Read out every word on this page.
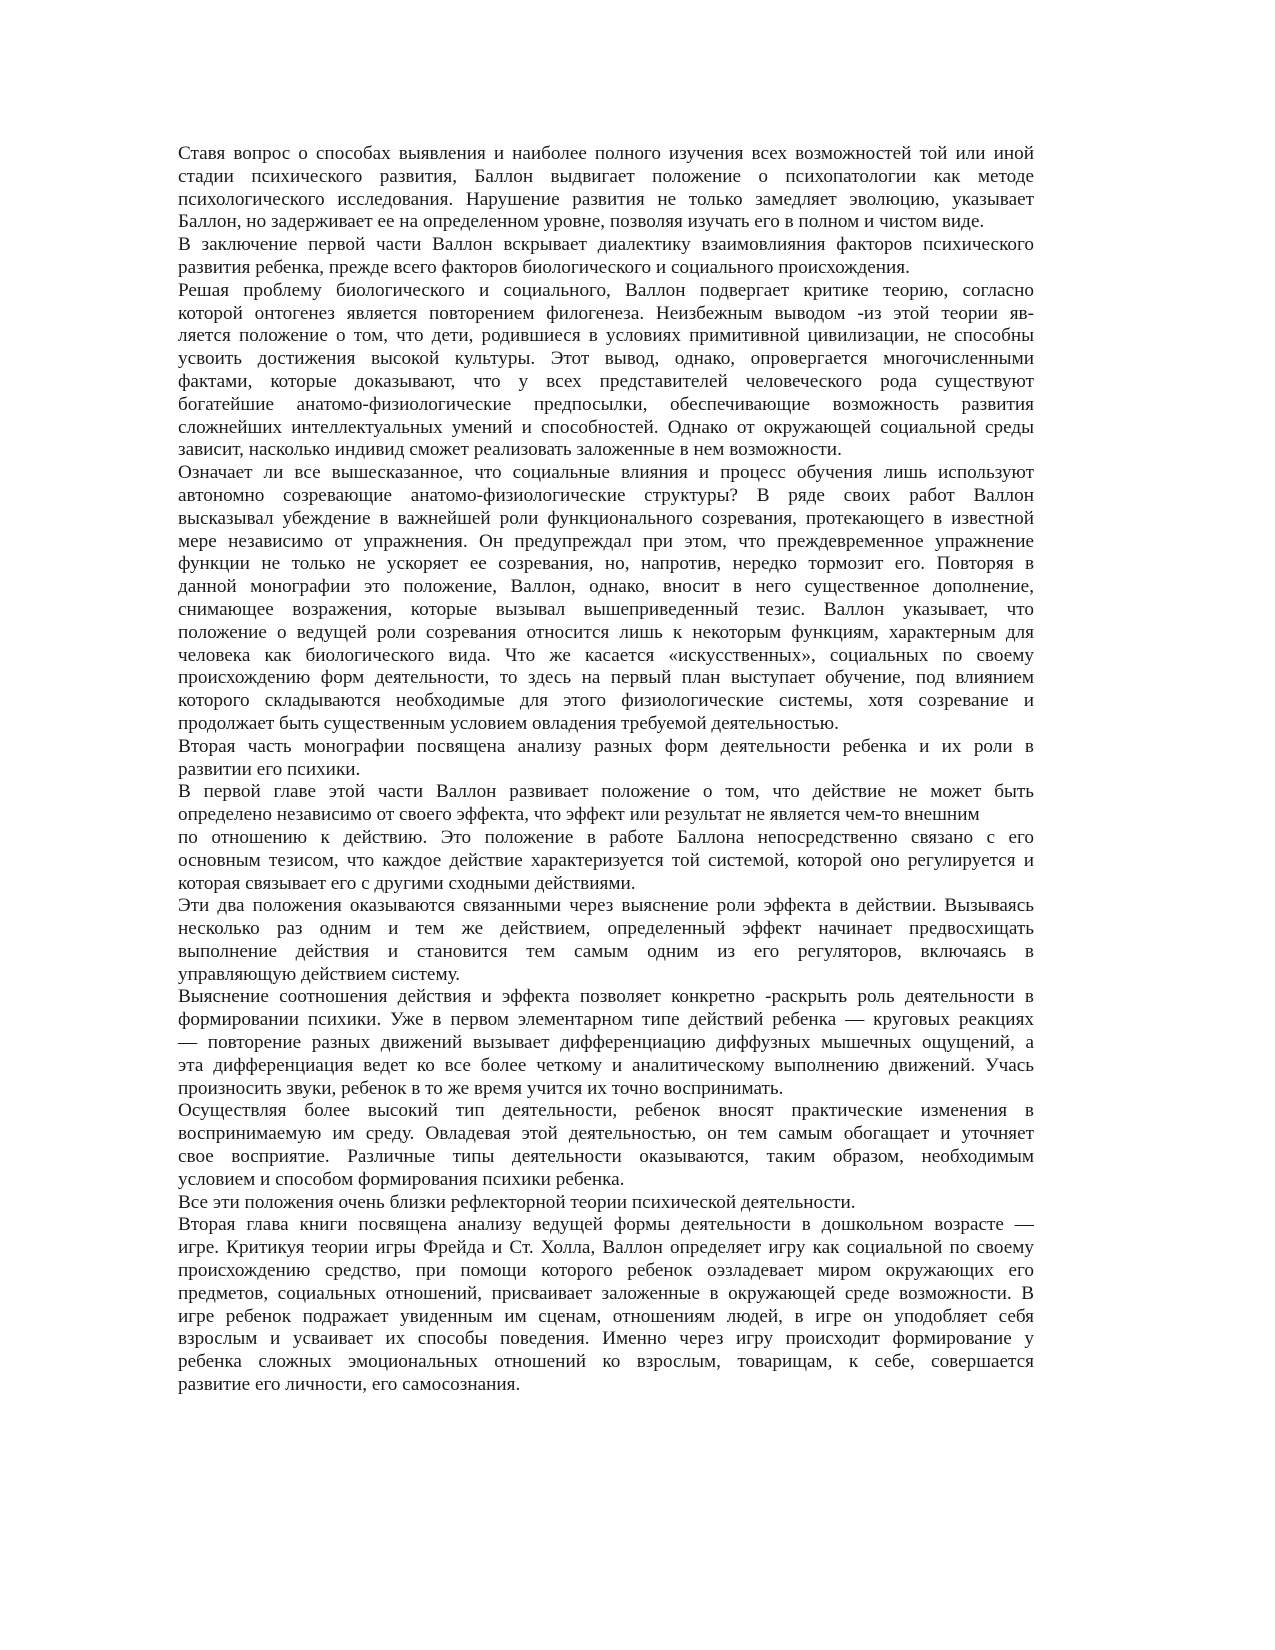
Ставя вопрос о способах выявления и наиболее полного изучения всех возможностей той или иной
стадии психического развития, Баллон выдвигает положение о психопатологии как методе
психологического исследования. Нарушение развития не только замедляет эволюцию, указывает
Баллон, но задерживает ее на определенном уровне, позволяя изучать его в полном и чистом виде.
В заключение первой части Валлон вскрывает диалектику взаимовлияния факторов психического
развития ребенка, прежде всего факторов биологического и социального происхождения.
Решая проблему биологического и социального, Валлон подвергает критике теорию, согласно
которой онтогенез является повторением филогенеза. Неизбежным выводом -из этой теории яв-
ляется положение о том, что дети, родившиеся в условиях примитивной цивилизации, не способны
усвоить достижения высокой культуры. Этот вывод, однако, опровергается многочисленными
фактами, которые доказывают, что у всех представителей человеческого рода существуют
богатейшие анатомо-физиологические предпосылки, обеспечивающие возможность развития
сложнейших интеллектуальных умений и способностей. Однако от окружающей социальной среды
зависит, насколько индивид сможет реализовать заложенные в нем возможности.
Означает ли все вышесказанное, что социальные влияния и процесс обучения лишь используют
автономно созревающие анатомо-физиологические структуры? В ряде своих работ Валлон
высказывал убеждение в важнейшей роли функционального созревания, протекающего в известной
мере независимо от упражнения. Он предупреждал при этом, что преждевременное упражнение
функции не только не ускоряет ее созревания, но, напротив, нередко тормозит его. Повторяя в
данной монографии это положение, Валлон, однако, вносит в него существенное дополнение,
снимающее возражения, которые вызывал вышеприведенный тезис. Валлон указывает, что
положение о ведущей роли созревания относится лишь к некоторым функциям, характерным для
человека как биологического вида. Что же касается «искусственных», социальных по своему
происхождению форм деятельности, то здесь на первый план выступает обучение, под влиянием
которого складываются необходимые для этого физиологические системы, хотя созревание и
продолжает быть существенным условием овладения требуемой деятельностью.
Вторая часть монографии посвящена анализу разных форм деятельности ребенка и их роли в
развитии его психики.
В первой главе этой части Валлон развивает положение о том, что действие не может быть
определено независимо от своего эффекта, что эффект или результат не является чем-то внешним
по отношению к действию. Это положение в работе Баллона непосредственно связано с его
основным тезисом, что каждое действие характеризуется той системой, которой оно регулируется и
которая связывает его с другими сходными действиями.
Эти два положения оказываются связанными через выяснение роли эффекта в действии. Вызываясь
несколько раз одним и тем же действием, определенный эффект начинает предвосхищать
выполнение действия и становится тем самым одним из его регуляторов, включаясь в
управляющую действием систему.
Выяснение соотношения действия и эффекта позволяет конкретно -раскрыть роль деятельности в
формировании психики. Уже в первом элементарном типе действий ребенка — круговых реакциях
— повторение разных движений вызывает дифференциацию диффузных мышечных ощущений, а
эта дифференциация ведет ко все более четкому и аналитическому выполнению движений. Учась
произносить звуки, ребенок в то же время учится их точно воспринимать.
Осуществляя более высокий тип деятельности, ребенок вносят практические изменения в
воспринимаемую им среду. Овладевая этой деятельностью, он тем самым обогащает и уточняет
свое восприятие. Различные типы деятельности оказываются, таким образом, необходимым
условием и способом формирования психики ребенка.
Все эти положения очень близки рефлекторной теории психической деятельности.
Вторая глава книги посвящена анализу ведущей формы деятельности в дошкольном возрасте —
игре. Критикуя теории игры Фрейда и Ст. Холла, Валлон определяет игру как социальной по своему
происхождению средство, при помощи которого ребенок оэзладевает миром окружающих его
предметов, социальных отношений, присваивает заложенные в окружающей среде возможности. В
игре ребенок подражает увиденным им сценам, отношениям людей, в игре он уподобляет себя
взрослым и усваивает их способы поведения. Именно через игру происходит формирование у
ребенка сложных эмоциональных отношений ко взрослым, товарищам, к себе, совершается
развитие его личности, его самосознания.
